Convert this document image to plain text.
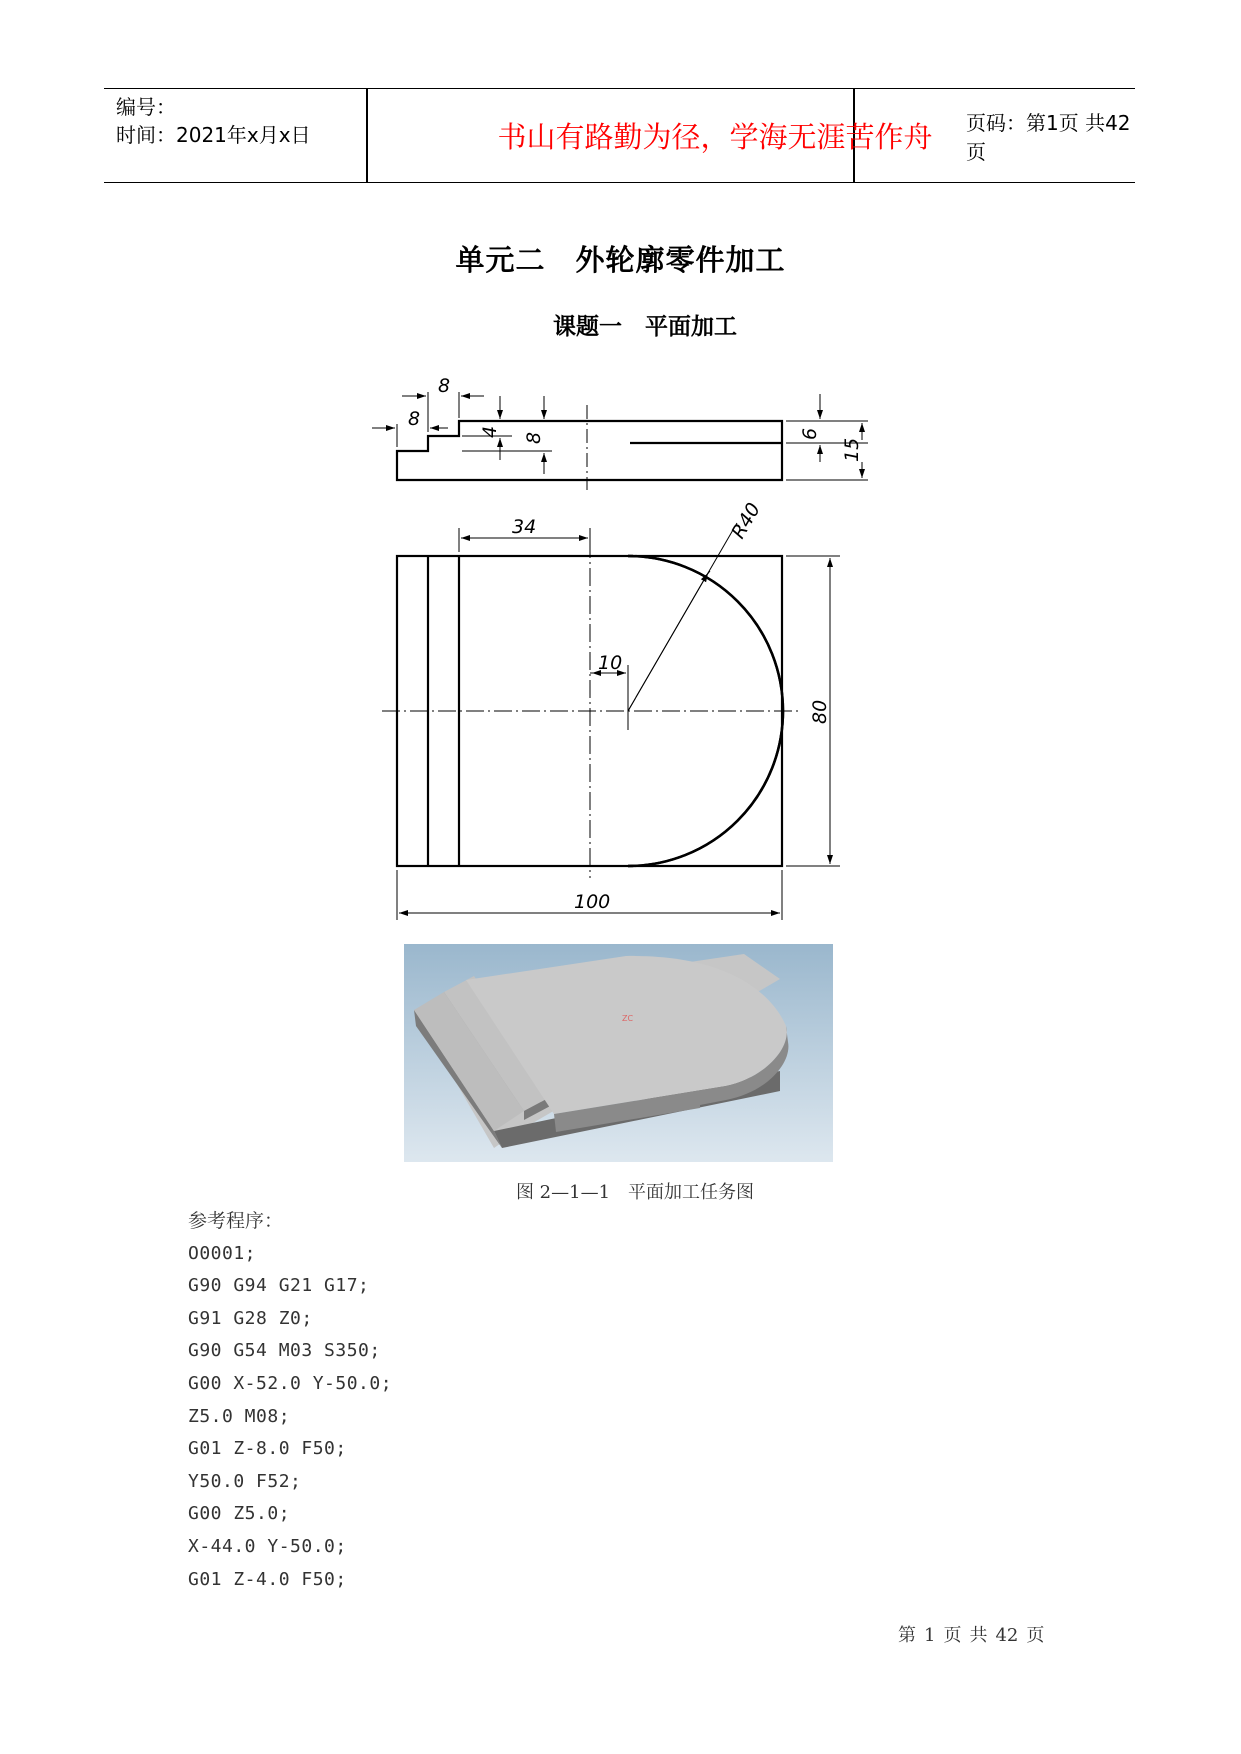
编号：
时间：2021年x月x日	书山有路勤为径，学海无涯苦作舟	页码：第1页 共42页
单元二　外轮廓零件加工
课题一　平面加工
8
8
4 8	6
15
34	R40
10
80
100
ZC
图 2—1—1　平面加工任务图
参考程序：
O0001;
G90 G94 G21 G17;
G91 G28 Z0;
G90 G54 M03 S350;
G00 X-52.0 Y-50.0;
Z5.0 M08;
G01 Z-8.0 F50;
Y50.0 F52;
G00 Z5.0;
X-44.0 Y-50.0;
G01 Z-4.0 F50;
第 1 页 共 42 页
